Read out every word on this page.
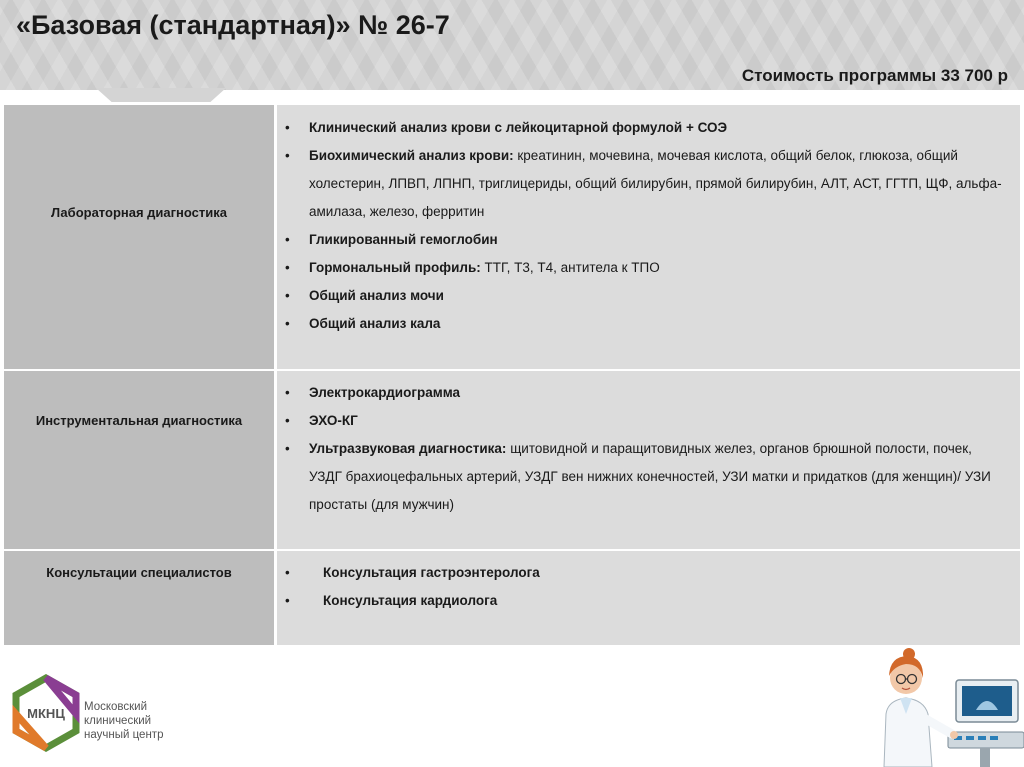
«Базовая (стандартная)» № 26-7
Стоимость программы 33 700 р
Лабораторная диагностика
• Клинический анализ крови с лейкоцитарной формулой + СОЭ
• Биохимический анализ крови: креатинин, мочевина, мочевая кислота, общий белок, глюкоза, общий холестерин, ЛПВП, ЛПНП, триглицериды, общий билирубин, прямой билирубин, АЛТ, АСТ, ГГТП, ЩФ, альфа-амилаза, железо, ферритин
• Гликированный гемоглобин
• Гормональный профиль: ТТГ, Т3, Т4, антитела к ТПО
• Общий анализ мочи
• Общий анализ кала
Инструментальная диагностика
• Электрокардиограмма
• ЭХО-КГ
• Ультразвуковая диагностика: щитовидной и паращитовидных желез, органов брюшной полости, почек, УЗДГ брахиоцефальных артерий, УЗДГ вен нижних конечностей, УЗИ матки и придатков (для женщин)/ УЗИ простаты (для мужчин)
Консультации специалистов	• Консультация гастроэнтеролога
• Консультация кардиолога
МКНЦ Московский
клинический
научный центр
